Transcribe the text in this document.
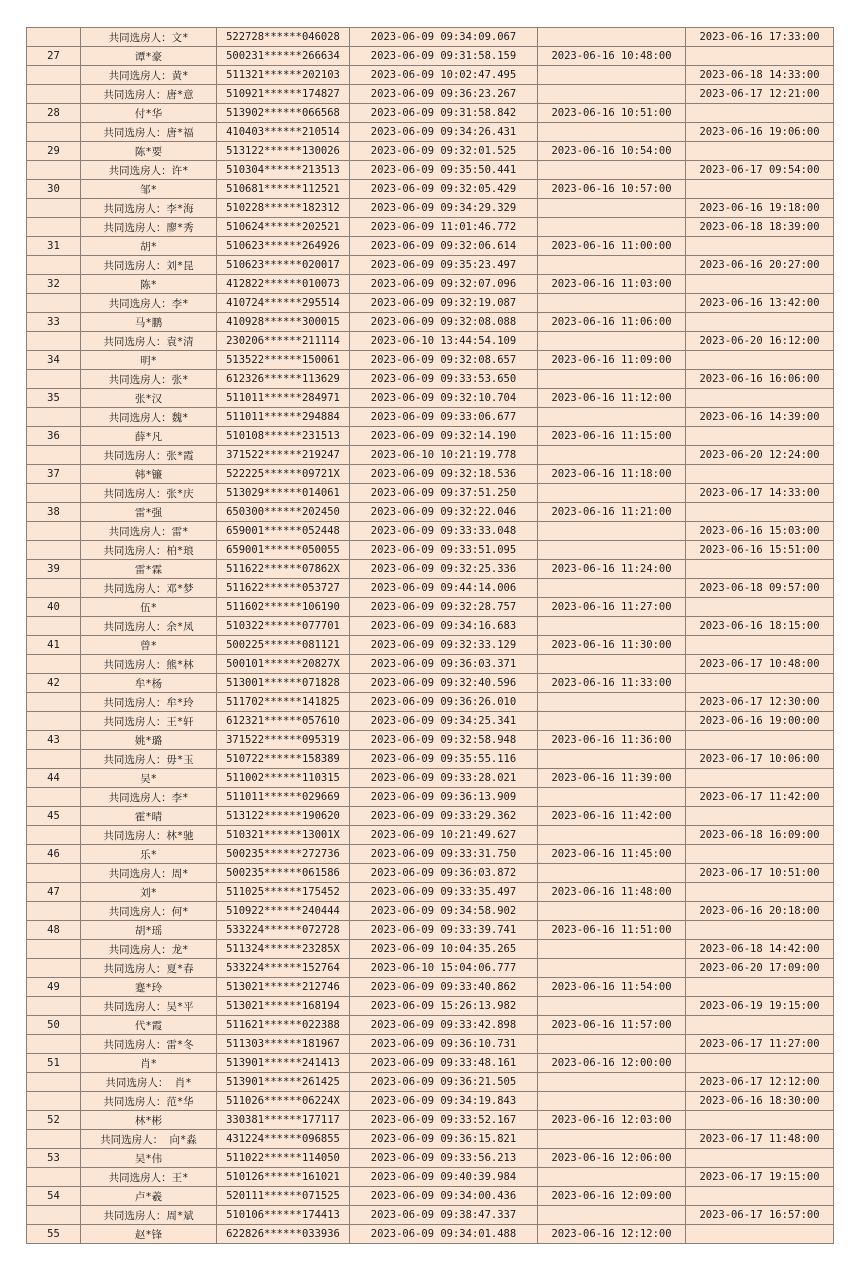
	共同选房人：文*	522728******046028	2023-06-09 09:34:09.067		2023-06-16 17:33:00
27	谭*豪	500231******266634	2023-06-09 09:31:58.159	2023-06-16 10:48:00	
	共同选房人：黄*	511321******202103	2023-06-09 10:02:47.495		2023-06-18 14:33:00
	共同选房人：唐*意	510921******174827	2023-06-09 09:36:23.267		2023-06-17 12:21:00
28	付*华	513902******066568	2023-06-09 09:31:58.842	2023-06-16 10:51:00	
	共同选房人：唐*福	410403******210514	2023-06-09 09:34:26.431		2023-06-16 19:06:00
29	陈*要	513122******130026	2023-06-09 09:32:01.525	2023-06-16 10:54:00	
	共同选房人：许*	510304******213513	2023-06-09 09:35:50.441		2023-06-17 09:54:00
30	邹*	510681******112521	2023-06-09 09:32:05.429	2023-06-16 10:57:00	
	共同选房人：李*海	510228******182312	2023-06-09 09:34:29.329		2023-06-16 19:18:00
	共同选房人：廖*秀	510624******202521	2023-06-09 11:01:46.772		2023-06-18 18:39:00
31	胡*	510623******264926	2023-06-09 09:32:06.614	2023-06-16 11:00:00	
	共同选房人：刘*昆	510623******020017	2023-06-09 09:35:23.497		2023-06-16 20:27:00
32	陈*	412822******010073	2023-06-09 09:32:07.096	2023-06-16 11:03:00	
	共同选房人：李*	410724******295514	2023-06-09 09:32:19.087		2023-06-16 13:42:00
33	马*鹏	410928******300015	2023-06-09 09:32:08.088	2023-06-16 11:06:00	
	共同选房人：袁*清	230206******211114	2023-06-10 13:44:54.109		2023-06-20 16:12:00
34	明*	513522******150061	2023-06-09 09:32:08.657	2023-06-16 11:09:00	
	共同选房人：张*	612326******113629	2023-06-09 09:33:53.650		2023-06-16 16:06:00
35	张*汉	511011******284971	2023-06-09 09:32:10.704	2023-06-16 11:12:00	
	共同选房人：魏*	511011******294884	2023-06-09 09:33:06.677		2023-06-16 14:39:00
36	薛*凡	510108******231513	2023-06-09 09:32:14.190	2023-06-16 11:15:00	
	共同选房人：张*霞	371522******219247	2023-06-10 10:21:19.778		2023-06-20 12:24:00
37	韩*镰	522225******09721X	2023-06-09 09:32:18.536	2023-06-16 11:18:00	
	共同选房人：张*庆	513029******014061	2023-06-09 09:37:51.250		2023-06-17 14:33:00
38	雷*强	650300******202450	2023-06-09 09:32:22.046	2023-06-16 11:21:00	
	共同选房人：雷*	659001******052448	2023-06-09 09:33:33.048		2023-06-16 15:03:00
	共同选房人：柏*琅	659001******050055	2023-06-09 09:33:51.095		2023-06-16 15:51:00
39	雷*霖	511622******07862X	2023-06-09 09:32:25.336	2023-06-16 11:24:00	
	共同选房人：邓*梦	511622******053727	2023-06-09 09:44:14.006		2023-06-18 09:57:00
40	伍*	511602******106190	2023-06-09 09:32:28.757	2023-06-16 11:27:00	
	共同选房人：余*凤	510322******077701	2023-06-09 09:34:16.683		2023-06-16 18:15:00
41	曾*	500225******081121	2023-06-09 09:32:33.129	2023-06-16 11:30:00	
	共同选房人：熊*林	500101******20827X	2023-06-09 09:36:03.371		2023-06-17 10:48:00
42	牟*杨	513001******071828	2023-06-09 09:32:40.596	2023-06-16 11:33:00	
	共同选房人：牟*玲	511702******141825	2023-06-09 09:36:26.010		2023-06-17 12:30:00
	共同选房人：王*轩	612321******057610	2023-06-09 09:34:25.341		2023-06-16 19:00:00
43	姚*璐	371522******095319	2023-06-09 09:32:58.948	2023-06-16 11:36:00	
	共同选房人：毋*玉	510722******158389	2023-06-09 09:35:55.116		2023-06-17 10:06:00
44	吴*	511002******110315	2023-06-09 09:33:28.021	2023-06-16 11:39:00	
	共同选房人：李*	511011******029669	2023-06-09 09:36:13.909		2023-06-17 11:42:00
45	霍*晴	513122******190620	2023-06-09 09:33:29.362	2023-06-16 11:42:00	
	共同选房人：林*驰	510321******13001X	2023-06-09 10:21:49.627		2023-06-18 16:09:00
46	乐*	500235******272736	2023-06-09 09:33:31.750	2023-06-16 11:45:00	
	共同选房人：周*	500235******061586	2023-06-09 09:36:03.872		2023-06-17 10:51:00
47	刘*	511025******175452	2023-06-09 09:33:35.497	2023-06-16 11:48:00	
	共同选房人：何*	510922******240444	2023-06-09 09:34:58.902		2023-06-16 20:18:00
48	胡*瑶	533224******072728	2023-06-09 09:33:39.741	2023-06-16 11:51:00	
	共同选房人：龙*	511324******23285X	2023-06-09 10:04:35.265		2023-06-18 14:42:00
	共同选房人：夏*春	533224******152764	2023-06-10 15:04:06.777		2023-06-20 17:09:00
49	蹇*玲	513021******212746	2023-06-09 09:33:40.862	2023-06-16 11:54:00	
	共同选房人：吴*平	513021******168194	2023-06-09 15:26:13.982		2023-06-19 19:15:00
50	代*霞	511621******022388	2023-06-09 09:33:42.898	2023-06-16 11:57:00	
	共同选房人：雷*冬	511303******181967	2023-06-09 09:36:10.731		2023-06-17 11:27:00
51	肖*	513901******241413	2023-06-09 09:33:48.161	2023-06-16 12:00:00	
	共同选房人： 肖*	513901******261425	2023-06-09 09:36:21.505		2023-06-17 12:12:00
	共同选房人：范*华	511026******06224X	2023-06-09 09:34:19.843		2023-06-16 18:30:00
52	林*彬	330381******177117	2023-06-09 09:33:52.167	2023-06-16 12:03:00	
	共同选房人： 向*淼	431224******096855	2023-06-09 09:36:15.821		2023-06-17 11:48:00
53	吴*伟	511022******114050	2023-06-09 09:33:56.213	2023-06-16 12:06:00	
	共同选房人：王*	510126******161021	2023-06-09 09:40:39.984		2023-06-17 19:15:00
54	卢*羲	520111******071525	2023-06-09 09:34:00.436	2023-06-16 12:09:00	
	共同选房人：周*斌	510106******174413	2023-06-09 09:38:47.337		2023-06-17 16:57:00
55	赵*锋	622826******033936	2023-06-09 09:34:01.488	2023-06-16 12:12:00	
